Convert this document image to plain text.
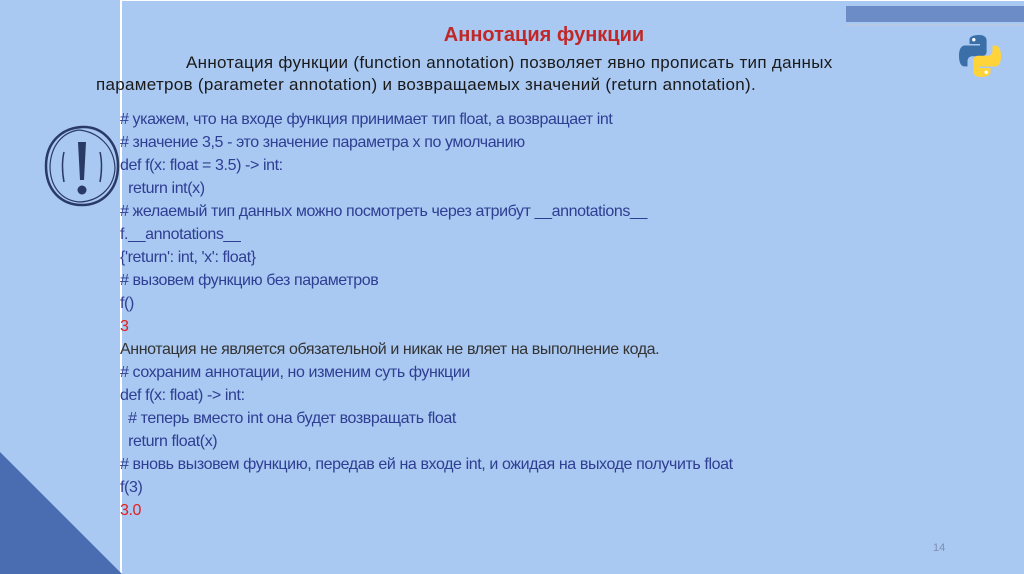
Аннотация функции
Аннотация функции (function annotation) позволяет явно прописать тип данных
параметров (parameter annotation) и возвращаемых значений (return annotation).
# укажем, что на входе функция принимает тип float, а возвращает int
# значение 3,5 - это значение параметра x по умолчанию
def f(x: float = 3.5) -> int:
return int(x)
# желаемый тип данных можно посмотреть через атрибут __annotations__
f.__annotations__
{'return': int, 'x': float}
# вызовем функцию без параметров
f()
3
Аннотация не является обязательной и никак не вляет на выполнение кода.
# сохраним аннотации, но изменим суть функции
def f(x: float) -> int:
# теперь вместо int она будет возвращать float
return float(x)
# вновь вызовем функцию, передав ей на входе int, и ожидая на выходе получить float
f(3)
3.0
14
